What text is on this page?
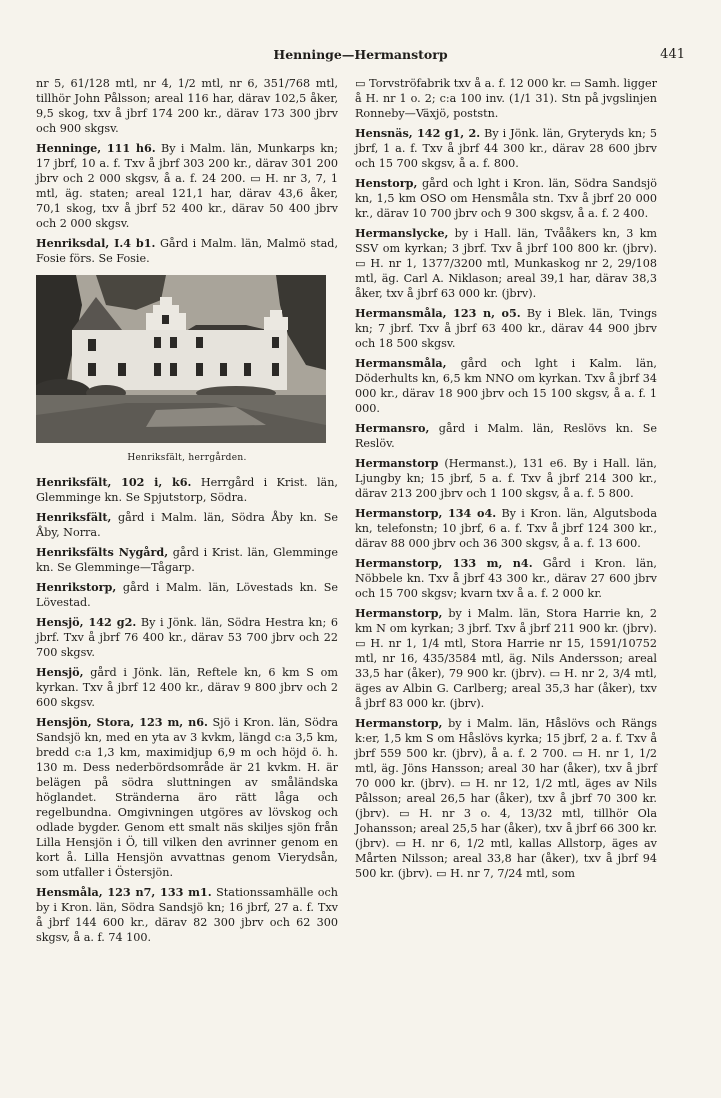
Henninge—Hermanstorp	441

nr 5, 61/128 mtl, nr 4, 1/2 mtl, nr 6, 351/768 mtl, tillhör John Pålsson; areal 116 har, därav 102,5 åker, 9,5 skog, txv å jbrf 174 200 kr., därav 173 300 jbrv och 900 skgsv.

Henninge, 111 h6. By i Malm. län, Munkarps kn; 17 jbrf, 10 a. f. Txv å jbrf 303 200 kr., därav 301 200 jbrv och 2 000 skgsv, å a. f. 24 200. ▭ H. nr 3, 7, 1 mtl, äg. staten; areal 121,1 har, därav 43,6 åker, 70,1 skog, txv å jbrf 52 400 kr., därav 50 400 jbrv och 2 000 skgsv.

Henriksdal, I.4 b1. Gård i Malm. län, Malmö stad, Fosie förs. Se Fosie.

Henriksfält, herrgården.

Henriksfält, 102 i, k6. Herrgård i Krist. län, Glemminge kn. Se Spjutstorp, Södra.

Henriksfält, gård i Malm. län, Södra Åby kn. Se Åby, Norra.

Henriksfälts Nygård, gård i Krist. län, Glemminge kn. Se Glemminge—Tågarp.

Henrikstorp, gård i Malm. län, Lövestads kn. Se Lövestad.

Hensjö, 142 g2. By i Jönk. län, Södra Hestra kn; 6 jbrf. Txv å jbrf 76 400 kr., därav 53 700 jbrv och 22 700 skgsv.

Hensjö, gård i Jönk. län, Reftele kn, 6 km S om kyrkan. Txv å jbrf 12 400 kr., därav 9 800 jbrv och 2 600 skgsv.

Hensjön, Stora, 123 m, n6. Sjö i Kron. län, Södra Sandsjö kn, med en yta av 3 kvkm, längd c:a 3,5 km, bredd c:a 1,3 km, maximidjup 6,9 m och höjd ö. h. 130 m. Dess nederbördsområde är 21 kvkm. H. är belägen på södra sluttningen av småländska höglandet. Stränderna äro rätt låga och regelbundna. Omgivningen utgöres av lövskog och odlade bygder. Genom ett smalt näs skiljes sjön från Lilla Hensjön i Ö, till vilken den avrinner genom en kort å. Lilla Hensjön avvattnas genom Vierydsån, som utfaller i Östersjön.

Hensmåla, 123 n7, 133 m1. Stationssamhälle och by i Kron. län, Södra Sandsjö kn; 16 jbrf, 27 a. f. Txv å jbrf 144 600 kr., därav 82 300 jbrv och 62 300 skgsv, å a. f. 74 100.

▭ Torvströfabrik txv å a. f. 12 000 kr. ▭ Samh. ligger å H. nr 1 o. 2; c:a 100 inv. (1/1 31). Stn på jvgslinjen Ronneby—Växjö, poststn.

Hensnäs, 142 g1, 2. By i Jönk. län, Gryteryds kn; 5 jbrf, 1 a. f. Txv å jbrf 44 300 kr., därav 28 600 jbrv och 15 700 skgsv, å a. f. 800.

Henstorp, gård och lght i Kron. län, Södra Sandsjö kn, 1,5 km OSO om Hensmåla stn. Txv å jbrf 20 000 kr., därav 10 700 jbrv och 9 300 skgsv, å a. f. 2 400.

Hermanslycke, by i Hall. län, Tvååkers kn, 3 km SSV om kyrkan; 3 jbrf. Txv å jbrf 100 800 kr. (jbrv). ▭ H. nr 1, 1377/3200 mtl, Munkaskog nr 2, 29/108 mtl, äg. Carl A. Niklason; areal 39,1 har, därav 38,3 åker, txv å jbrf 63 000 kr. (jbrv).

Hermansmåla, 123 n, o5. By i Blek. län, Tvings kn; 7 jbrf. Txv å jbrf 63 400 kr., därav 44 900 jbrv och 18 500 skgsv.

Hermansmåla, gård och lght i Kalm. län, Döderhults kn, 6,5 km NNO om kyrkan. Txv å jbrf 34 000 kr., därav 18 900 jbrv och 15 100 skgsv, å a. f. 1 000.

Hermansro, gård i Malm. län, Reslövs kn. Se Reslöv.

Hermanstorp (Hermanst.), 131 e6. By i Hall. län, Ljungby kn; 15 jbrf, 5 a. f. Txv å jbrf 214 300 kr., därav 213 200 jbrv och 1 100 skgsv, å a. f. 5 800.

Hermanstorp, 134 o4. By i Kron. län, Algutsboda kn, telefonstn; 10 jbrf, 6 a. f. Txv å jbrf 124 300 kr., därav 88 000 jbrv och 36 300 skgsv, å a. f. 13 600.

Hermanstorp, 133 m, n4. Gård i Kron. län, Nöbbele kn. Txv å jbrf 43 300 kr., därav 27 600 jbrv och 15 700 skgsv; kvarn txv å a. f. 2 000 kr.

Hermanstorp, by i Malm. län, Stora Harrie kn, 2 km N om kyrkan; 3 jbrf. Txv å jbrf 211 900 kr. (jbrv). ▭ H. nr 1, 1/4 mtl, Stora Harrie nr 15, 1591/10752 mtl, nr 16, 435/3584 mtl, äg. Nils Andersson; areal 33,5 har (åker), 79 900 kr. (jbrv). ▭ H. nr 2, 3/4 mtl, äges av Albin G. Carlberg; areal 35,3 har (åker), txv å jbrf 83 000 kr. (jbrv).

Hermanstorp, by i Malm. län, Håslövs och Rängs k:er, 1,5 km S om Håslövs kyrka; 15 jbrf, 2 a. f. Txv å jbrf 559 500 kr. (jbrv), å a. f. 2 700. ▭ H. nr 1, 1/2 mtl, äg. Jöns Hansson; areal 30 har (åker), txv å jbrf 70 000 kr. (jbrv). ▭ H. nr 12, 1/2 mtl, äges av Nils Pålsson; areal 26,5 har (åker), txv å jbrf 70 300 kr. (jbrv). ▭ H. nr 3 o. 4, 13/32 mtl, tillhör Ola Johansson; areal 25,5 har (åker), txv å jbrf 66 300 kr. (jbrv). ▭ H. nr 6, 1/2 mtl, kallas Allstorp, äges av Mårten Nilsson; areal 33,8 har (åker), txv å jbrf 94 500 kr. (jbrv). ▭ H. nr 7, 7/24 mtl, som
